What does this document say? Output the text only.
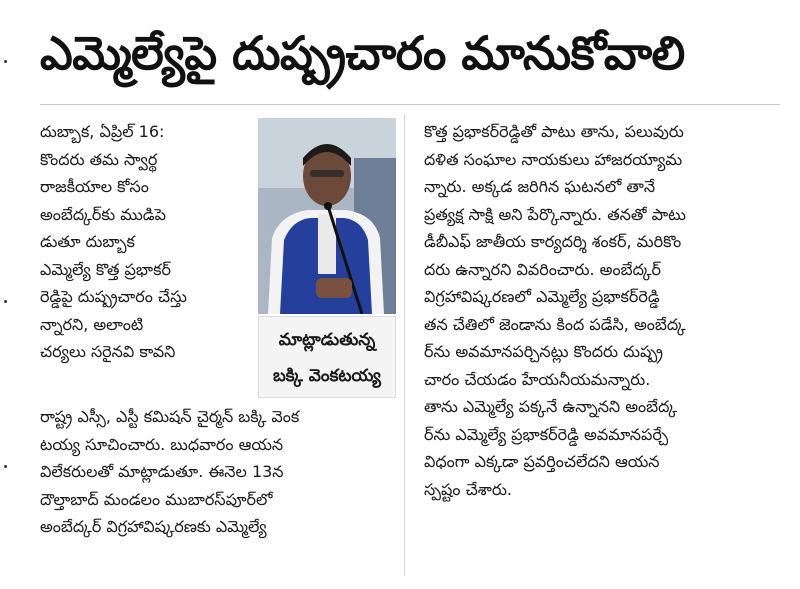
ఎమ్మెల్యేపై దుష్ప్రచారం మానుకోవాలి
దుబ్బాక, ఏప్రిల్ 16:
కొందరు తమ స్వార్థ
రాజకీయాల కోసం
అంబేద్కర్‌కు ముడిపె
డుతూ దుబ్బాక
ఎమ్మెల్యే కొత్త ప్రభాకర్
రెడ్డిపై దుష్ప్రచారం చేస్తు
న్నారని, అలాంటి
చర్యలు సరైనవి కావని
మాట్లాడుతున్న
బక్కి వెంకటయ్య
రాష్ట్ర ఎస్సీ, ఎస్టీ కమిషన్ చైర్మన్ బక్కి వెంక
టయ్య సూచించారు. బుధవారం ఆయన
విలేకరులతో మాట్లాడుతూ. ఈనెల 13న
దౌల్తాబాద్ మండలం ముబారస్‌పూర్‌లో
అంబేద్కర్ విగ్రహావిష్కరణకు ఎమ్మెల్యే
కొత్త ప్రభాకర్‌రెడ్డితో పాటు తాను, పలువురు
దళిత సంఘాల నాయకులు హాజరయ్యామ
న్నారు. అక్కడ జరిగిన ఘటనలో తానే
ప్రత్యక్ష సాక్షి అని పేర్కొన్నారు. తనతో పాటు
డీబీఎఫ్ జాతీయ కార్యదర్శి శంకర్, మరికొం
దరు ఉన్నారని వివరించారు. అంబేద్కర్
విగ్రహావిష్కరణలో ఎమ్మెల్యే ప్రభాకర్‌రెడ్డి
తన చేతిలో జెండాను కింద పడేసి, అంబేద్క
ర్‌ను అవమానపర్చినట్లు కొందరు దుష్ప్ర
చారం చేయడం హేయనీయమన్నారు.
తాను ఎమ్మెల్యే పక్కనే ఉన్నానని అంబేద్క
ర్‌ను ఎమ్మెల్యే ప్రభాకర్‌రెడ్డి అవమానపర్చే
విధంగా ఎక్కడా ప్రవర్తించలేదని ఆయన
స్పష్టం చేశారు.
